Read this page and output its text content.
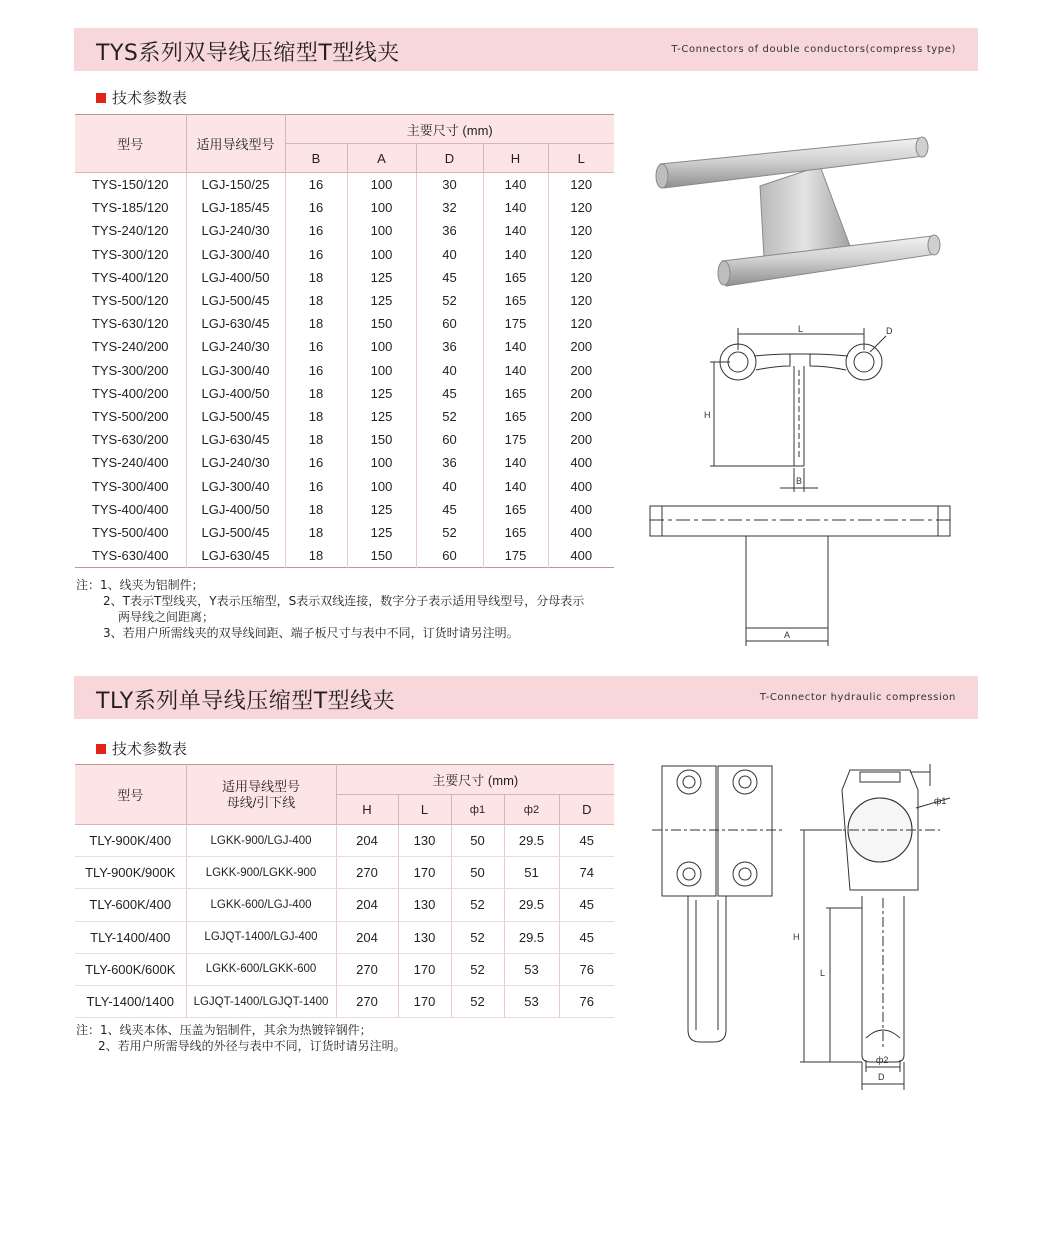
TYS系列双导线压缩型T型线夹	T-Connectors of double conductors(compress type)
技术参数表
型号	适用导线型号	主要尺寸 (mm)				
		B	A	D	H	L
TYS-150/120	LGJ-150/25	16	100	30	140	120
TYS-185/120	LGJ-185/45	16	100	32	140	120
TYS-240/120	LGJ-240/30	16	100	36	140	120
TYS-300/120	LGJ-300/40	16	100	40	140	120
TYS-400/120	LGJ-400/50	18	125	45	165	120
TYS-500/120	LGJ-500/45	18	125	52	165	120
TYS-630/120	LGJ-630/45	18	150	60	175	120
TYS-240/200	LGJ-240/30	16	100	36	140	200
TYS-300/200	LGJ-300/40	16	100	40	140	200
TYS-400/200	LGJ-400/50	18	125	45	165	200
TYS-500/200	LGJ-500/45	18	125	52	165	200
TYS-630/200	LGJ-630/45	18	150	60	175	200
TYS-240/400	LGJ-240/30	16	100	36	140	400
TYS-300/400	LGJ-300/40	16	100	40	140	400
TYS-400/400	LGJ-400/50	18	125	45	165	400
TYS-500/400	LGJ-500/45	18	125	52	165	400
TYS-630/400	LGJ-630/45	18	150	60	175	400
注：1、线夹为铝制件；
2、T表示T型线夹，Y表示压缩型，S表示双线连接，数字分子表示适用导线型号，分母表示
两导线之间距离；
3、若用户所需线夹的双导线间距、端子板尺寸与表中不同，订货时请另注明。
L	D
H
B
A
TLY系列单导线压缩型T型线夹	T-Connector hydraulic compression
技术参数表
型号	适用导线型号
母线/引下线	主要尺寸 (mm)				
		H	L	ф1	ф2	D
TLY-900K/400	LGKK-900/LGJ-400	204	130	50	29.5	45
TLY-900K/900K	LGKK-900/LGKK-900	270	170	50	51	74
TLY-600K/400	LGKK-600/LGJ-400	204	130	52	29.5	45
TLY-1400/400	LGJQT-1400/LGJ-400	204	130	52	29.5	45
TLY-600K/600K	LGKK-600/LGKK-600	270	170	52	53	76
TLY-1400/1400	LGJQT-1400/LGJQT-1400	270	170	52	53	76
注：1、线夹本体、压盖为铝制件，其余为热镀锌钢件；
2、若用户所需导线的外径与表中不同，订货时请另注明。
ф1
H
L
ф2
D
